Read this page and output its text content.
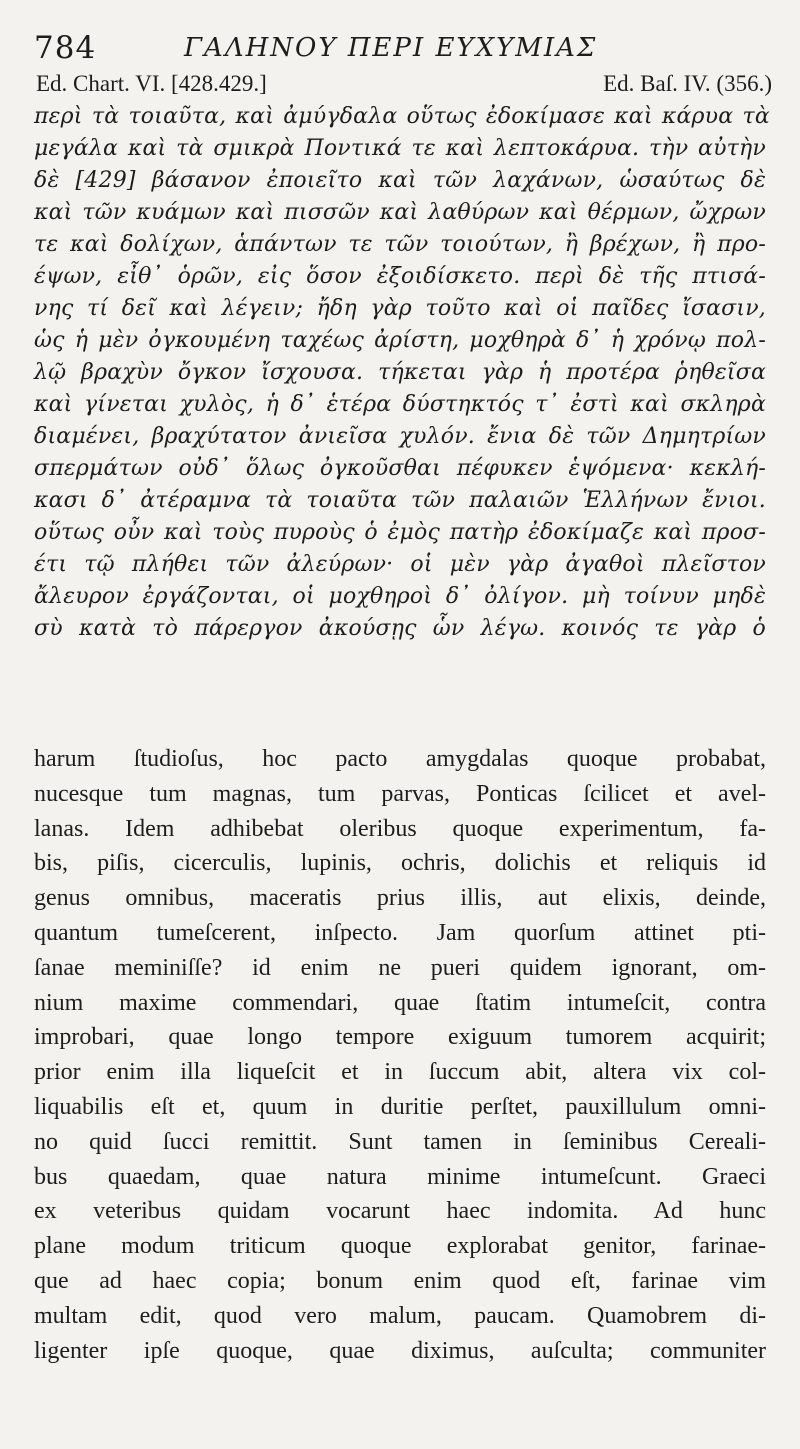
784	ΓΑΛΗΝΟΥ ΠΕΡΙ ΕΥΧΥΜΙΑΣ
Ed. Chart. VI. [428.429.]	Ed. Baſ. IV. (356.)
περὶ τὰ τοιαῦτα, καὶ ἀμύγδαλα οὕτως ἐδοκίμασε καὶ κάρυα τὰ
μεγάλα καὶ τὰ σμικρὰ Ποντικά τε καὶ λεπτοκάρυα. τὴν αὐτὴν
δὲ [429] βάσανον ἐποιεῖτο καὶ τῶν λαχάνων, ὡσαύτως δὲ
καὶ τῶν κυάμων καὶ πισσῶν καὶ λαθύρων καὶ θέρμων, ὤχρων
τε καὶ δολίχων, ἁπάντων τε τῶν τοιούτων, ἢ βρέχων, ἢ προ-
έψων, εἶθ᾽ ὁρῶν, εἰς ὅσον ἐξοιδίσκετο. περὶ δὲ τῆς πτισά-
νης τί δεῖ καὶ λέγειν; ἤδη γὰρ τοῦτο καὶ οἱ παῖδες ἴσασιν,
ὡς ἡ μὲν ὀγκουμένη ταχέως ἀρίστη, μοχθηρὰ δ᾽ ἡ χρόνῳ πολ-
λῷ βραχὺν ὄγκον ἴσχουσα. τήκεται γὰρ ἡ προτέρα ῥηθεῖσα
καὶ γίνεται χυλὸς, ἡ δ᾽ ἑτέρα δύστηκτός τ᾽ ἐστὶ καὶ σκληρὰ
διαμένει, βραχύτατον ἀνιεῖσα χυλόν. ἔνια δὲ τῶν Δημητρίων
σπερμάτων οὐδ᾽ ὅλως ὀγκοῦσθαι πέφυκεν ἑψόμενα· κεκλή-
κασι δ᾽ ἀτέραμνα τὰ τοιαῦτα τῶν παλαιῶν Ἑλλήνων ἔνιοι.
οὕτως οὖν καὶ τοὺς πυροὺς ὁ ἐμὸς πατὴρ ἐδοκίμαζε καὶ προσ-
έτι τῷ πλήθει τῶν ἀλεύρων· οἱ μὲν γὰρ ἀγαθοὶ πλεῖστον
ἄλευρον ἐργάζονται, οἱ μοχθηροὶ δ᾽ ὀλίγον. μὴ τοίνυν μηδὲ
σὺ κατὰ τὸ πάρεργον ἀκούσῃς ὧν λέγω. κοινός τε γὰρ ὁ
harum ſtudioſus, hoc pacto amygdalas quoque probabat,
nucesque tum magnas, tum parvas, Ponticas ſcilicet et avel-
lanas. Idem adhibebat oleribus quoque experimentum, fa-
bis, piſis, cicerculis, lupinis, ochris, dolichis et reliquis id
genus omnibus, maceratis prius illis, aut elixis, deinde,
quantum tumeſcerent, inſpecto. Jam quorſum attinet pti-
ſanae meminiſſe? id enim ne pueri quidem ignorant, om-
nium maxime commendari, quae ſtatim intumeſcit, contra
improbari, quae longo tempore exiguum tumorem acquirit;
prior enim illa liqueſcit et in ſuccum abit, altera vix col-
liquabilis eſt et, quum in duritie perſtet, pauxillulum omni-
no quid ſucci remittit. Sunt tamen in ſeminibus Cereali-
bus quaedam, quae natura minime intumeſcunt. Graeci
ex veteribus quidam vocarunt haec indomita. Ad hunc
plane modum triticum quoque explorabat genitor, farinae-
que ad haec copia; bonum enim quod eſt, farinae vim
multam edit, quod vero malum, paucam. Quamobrem di-
ligenter ipſe quoque, quae diximus, auſculta; communiter
